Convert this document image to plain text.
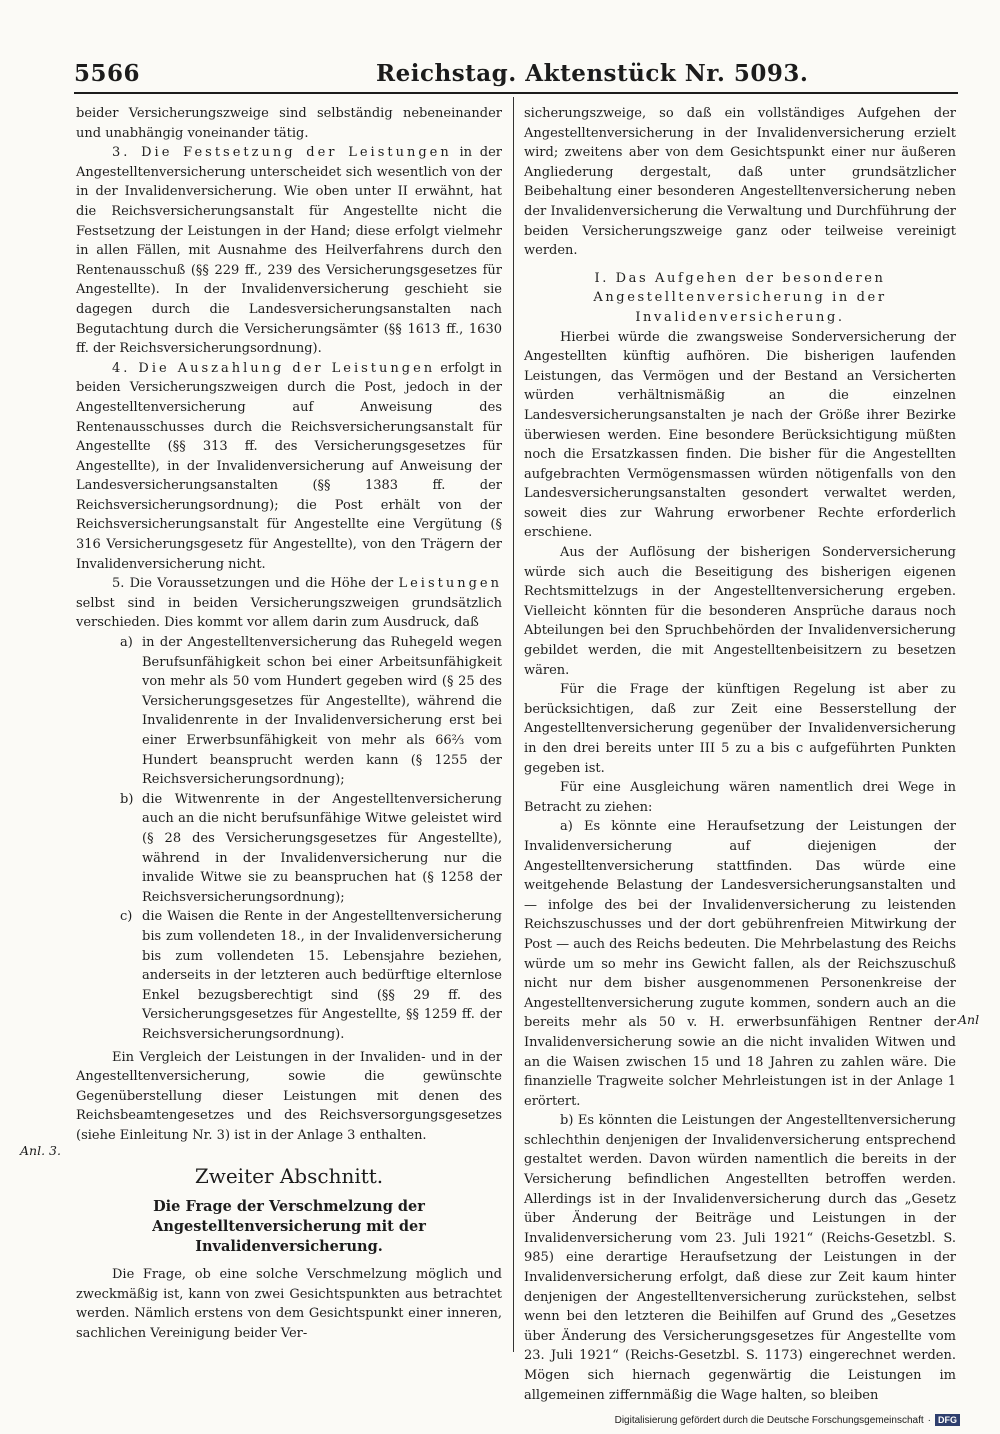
5566	Reichstag. Aktenstück Nr. 5093.

beider Versicherungszweige sind selbständig nebeneinander und unabhängig voneinander tätig.

3. Die Festsetzung der Leistungen in der Angestelltenversicherung unterscheidet sich wesentlich von der in der Invalidenversicherung. Wie oben unter II erwähnt, hat die Reichsversicherungsanstalt für Angestellte nicht die Festsetzung der Leistungen in der Hand; diese erfolgt vielmehr in allen Fällen, mit Ausnahme des Heilverfahrens durch den Rentenausschuß (§§ 229 ff., 239 des Versicherungsgesetzes für Angestellte). In der Invalidenversicherung geschieht sie dagegen durch die Landesversicherungsanstalten nach Begutachtung durch die Versicherungsämter (§§ 1613 ff., 1630 ff. der Reichsversicherungsordnung).

4. Die Auszahlung der Leistungen erfolgt in beiden Versicherungszweigen durch die Post, jedoch in der Angestelltenversicherung auf Anweisung des Rentenausschusses durch die Reichsversicherungsanstalt für Angestellte (§§ 313 ff. des Versicherungsgesetzes für Angestellte), in der Invalidenversicherung auf Anweisung der Landesversicherungsanstalten (§§ 1383 ff. der Reichsversicherungsordnung); die Post erhält von der Reichsversicherungsanstalt für Angestellte eine Vergütung (§ 316 Versicherungsgesetz für Angestellte), von den Trägern der Invalidenversicherung nicht.

5. Die Voraussetzungen und die Höhe der Leistungen selbst sind in beiden Versicherungszweigen grundsätzlich verschieden. Dies kommt vor allem darin zum Ausdruck, daß

a) in der Angestelltenversicherung das Ruhegeld wegen Berufsunfähigkeit schon bei einer Arbeitsunfähigkeit von mehr als 50 vom Hundert gegeben wird (§ 25 des Versicherungsgesetzes für Angestellte), während die Invalidenrente in der Invalidenversicherung erst bei einer Erwerbsunfähigkeit von mehr als 66⅔ vom Hundert beansprucht werden kann (§ 1255 der Reichsversicherungsordnung);
b) die Witwenrente in der Angestelltenversicherung auch an die nicht berufsunfähige Witwe geleistet wird (§ 28 des Versicherungsgesetzes für Angestellte), während in der Invalidenversicherung nur die invalide Witwe sie zu beanspruchen hat (§ 1258 der Reichsversicherungsordnung);
c) die Waisen die Rente in der Angestelltenversicherung bis zum vollendeten 18., in der Invalidenversicherung bis zum vollendeten 15. Lebensjahre beziehen, anderseits in der letzteren auch bedürftige elternlose Enkel bezugsberechtigt sind (§§ 29 ff. des Versicherungsgesetzes für Angestellte, §§ 1259 ff. der Reichsversicherungsordnung).

Ein Vergleich der Leistungen in der Invaliden- und in der Angestelltenversicherung, sowie die gewünschte Gegenüberstellung dieser Leistungen mit denen des Reichsbeamtengesetzes und des Reichsversorgungsgesetzes (siehe Einleitung Nr. 3) ist in der Anlage 3 enthalten.

Zweiter Abschnitt.
Die Frage der Verschmelzung der Angestelltenversicherung mit der Invalidenversicherung.

Die Frage, ob eine solche Verschmelzung möglich und zweckmäßig ist, kann von zwei Gesichtspunkten aus betrachtet werden. Nämlich erstens von dem Gesichtspunkt einer inneren, sachlichen Vereinigung beider Ver-

Anl. 3.

sicherungszweige, so daß ein vollständiges Aufgehen der Angestelltenversicherung in der Invalidenversicherung erzielt wird; zweitens aber von dem Gesichtspunkt einer nur äußeren Angliederung dergestalt, daß unter grundsätzlicher Beibehaltung einer besonderen Angestelltenversicherung neben der Invalidenversicherung die Verwaltung und Durchführung der beiden Versicherungszweige ganz oder teilweise vereinigt werden.

I. Das Aufgehen der besonderen Angestelltenversicherung in der Invalidenversicherung.

Hierbei würde die zwangsweise Sonderversicherung der Angestellten künftig aufhören. Die bisherigen laufenden Leistungen, das Vermögen und der Bestand an Versicherten würden verhältnismäßig an die einzelnen Landesversicherungsanstalten je nach der Größe ihrer Bezirke überwiesen werden. Eine besondere Berücksichtigung müßten noch die Ersatzkassen finden. Die bisher für die Angestellten aufgebrachten Vermögensmassen würden nötigenfalls von den Landesversicherungsanstalten gesondert verwaltet werden, soweit dies zur Wahrung erworbener Rechte erforderlich erschiene.

Aus der Auflösung der bisherigen Sonderversicherung würde sich auch die Beseitigung des bisherigen eigenen Rechtsmittelzugs in der Angestelltenversicherung ergeben. Vielleicht könnten für die besonderen Ansprüche daraus noch Abteilungen bei den Spruchbehörden der Invalidenversicherung gebildet werden, die mit Angestelltenbeisitzern zu besetzen wären.

Für die Frage der künftigen Regelung ist aber zu berücksichtigen, daß zur Zeit eine Besserstellung der Angestelltenversicherung gegenüber der Invalidenversicherung in den drei bereits unter III 5 zu a bis c aufgeführten Punkten gegeben ist.

Für eine Ausgleichung wären namentlich drei Wege in Betracht zu ziehen:

a) Es könnte eine Heraufsetzung der Leistungen der Invalidenversicherung auf diejenigen der Angestelltenversicherung stattfinden. Das würde eine weitgehende Belastung der Landesversicherungsanstalten und — infolge des bei der Invalidenversicherung zu leistenden Reichszuschusses und der dort gebührenfreien Mitwirkung der Post — auch des Reichs bedeuten. Die Mehrbelastung des Reichs würde um so mehr ins Gewicht fallen, als der Reichszuschuß nicht nur dem bisher ausgenommenen Personenkreise der Angestelltenversicherung zugute kommen, sondern auch an die bereits mehr als 50 v. H. erwerbsunfähigen Rentner der Invalidenversicherung sowie an die nicht invaliden Witwen und an die Waisen zwischen 15 und 18 Jahren zu zahlen wäre. Die finanzielle Tragweite solcher Mehrleistungen ist in der Anlage 1 erörtert.

b) Es könnten die Leistungen der Angestelltenversicherung schlechthin denjenigen der Invalidenversicherung entsprechend gestaltet werden. Davon würden namentlich die bereits in der Versicherung befindlichen Angestellten betroffen werden. Allerdings ist in der Invalidenversicherung durch das „Gesetz über Änderung der Beiträge und Leistungen in der Invalidenversicherung vom 23. Juli 1921“ (Reichs-Gesetzbl. S. 985) eine derartige Heraufsetzung der Leistungen in der Invalidenversicherung erfolgt, daß diese zur Zeit kaum hinter denjenigen der Angestelltenversicherung zurückstehen, selbst wenn bei den letzteren die Beihilfen auf Grund des „Gesetzes über Änderung des Versicherungsgesetzes für Angestellte vom 23. Juli 1921“ (Reichs-Gesetzbl. S. 1173) eingerechnet werden. Mögen sich hiernach gegenwärtig die Leistungen im allgemeinen ziffernmäßig die Wage halten, so bleiben

Anl
Digitalisierung gefördert durch die Deutsche Forschungsgemeinschaft · DFG
